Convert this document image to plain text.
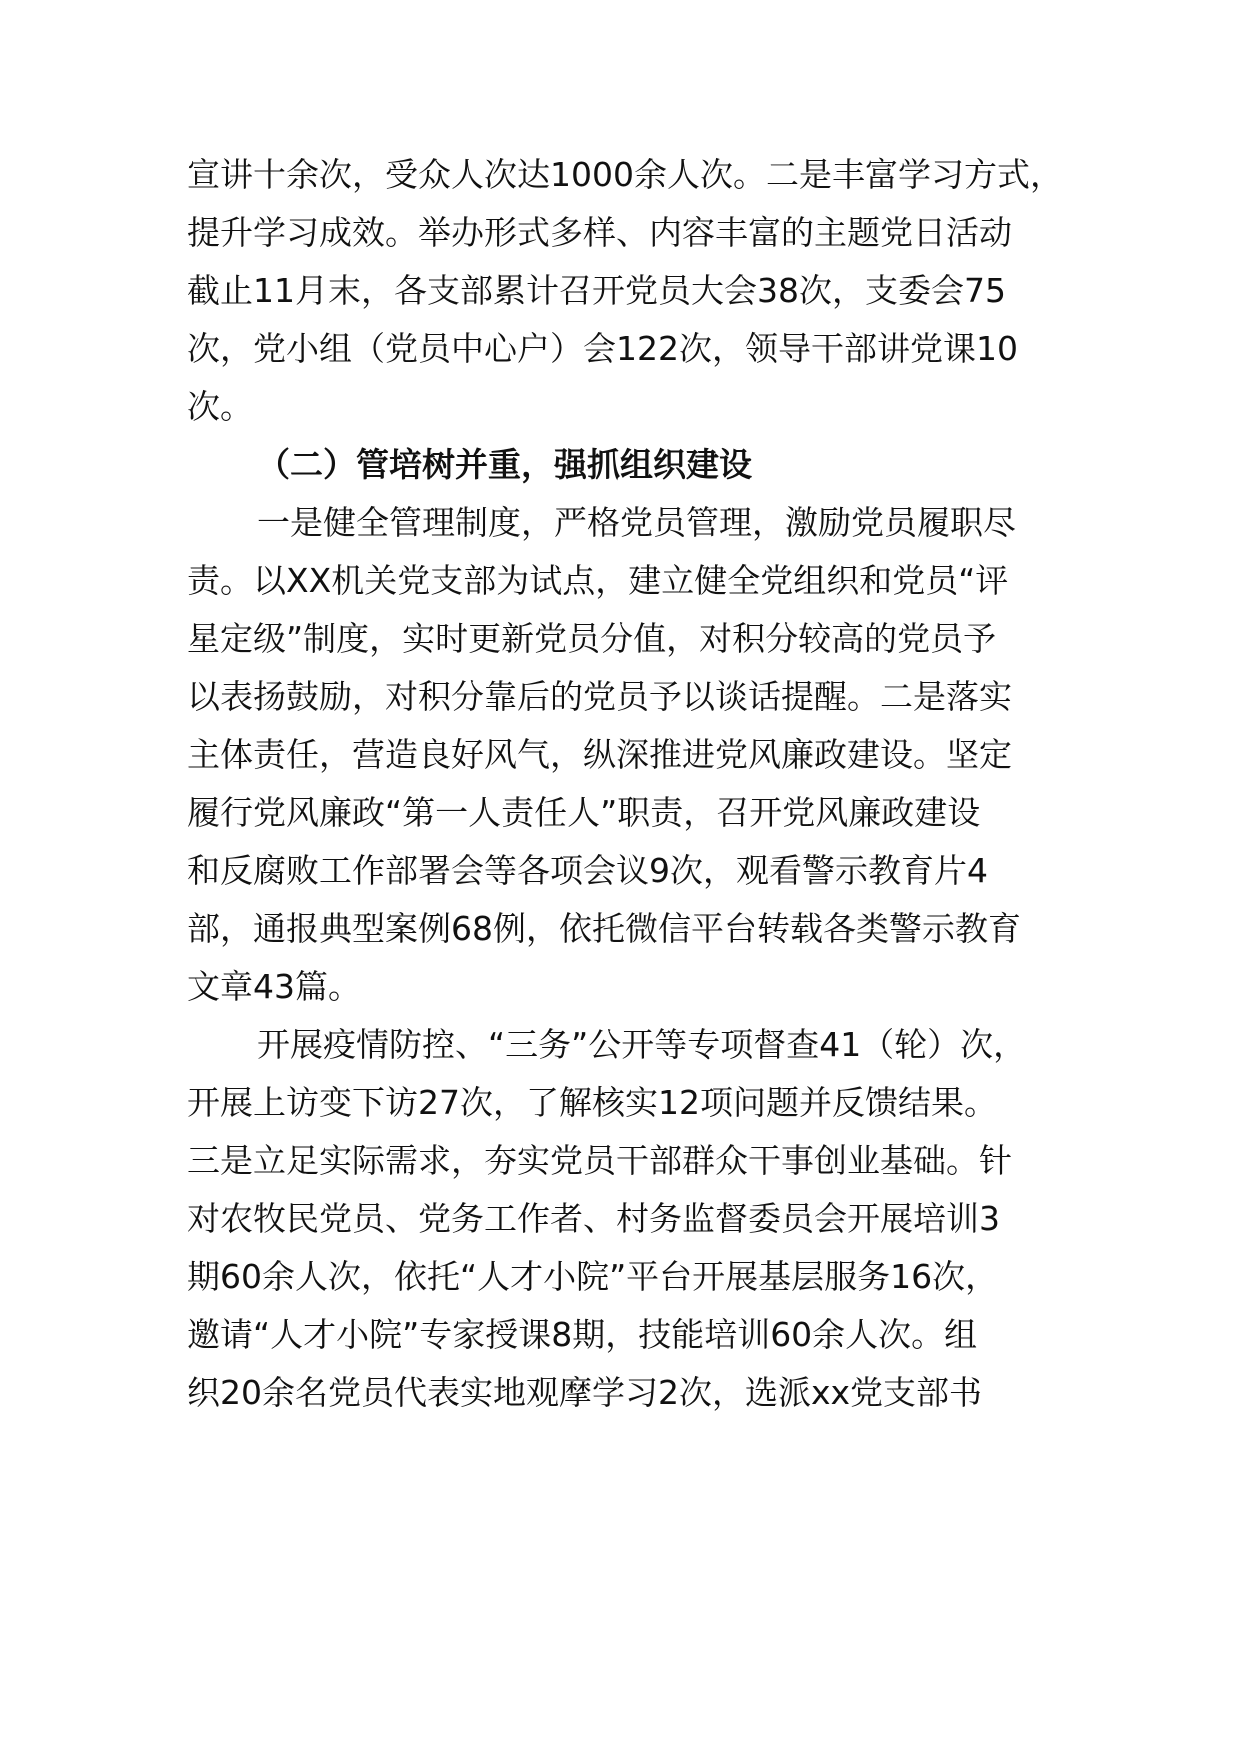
宣讲十余次，受众人次达1000余人次。二是丰富学习方式，
提升学习成效。举办形式多样、内容丰富的主题党日活动
截止11月末，各支部累计召开党员大会38次，支委会75
次，党小组（党员中心户）会122次，领导干部讲党课10
次。
（二）管培树并重，强抓组织建设
一是健全管理制度，严格党员管理，激励党员履职尽
责。以XX机关党支部为试点，建立健全党组织和党员“评
星定级”制度，实时更新党员分值，对积分较高的党员予
以表扬鼓励，对积分靠后的党员予以谈话提醒。二是落实
主体责任，营造良好风气，纵深推进党风廉政建设。坚定
履行党风廉政“第一人责任人”职责，召开党风廉政建设
和反腐败工作部署会等各项会议9次，观看警示教育片4
部，通报典型案例68例，依托微信平台转载各类警示教育
文章43篇。
开展疫情防控、“三务”公开等专项督查41（轮）次，
开展上访变下访27次，了解核实12项问题并反馈结果。
三是立足实际需求，夯实党员干部群众干事创业基础。针
对农牧民党员、党务工作者、村务监督委员会开展培训3
期60余人次，依托“人才小院”平台开展基层服务16次，
邀请“人才小院”专家授课8期，技能培训60余人次。组
织20余名党员代表实地观摩学习2次，选派xx党支部书
